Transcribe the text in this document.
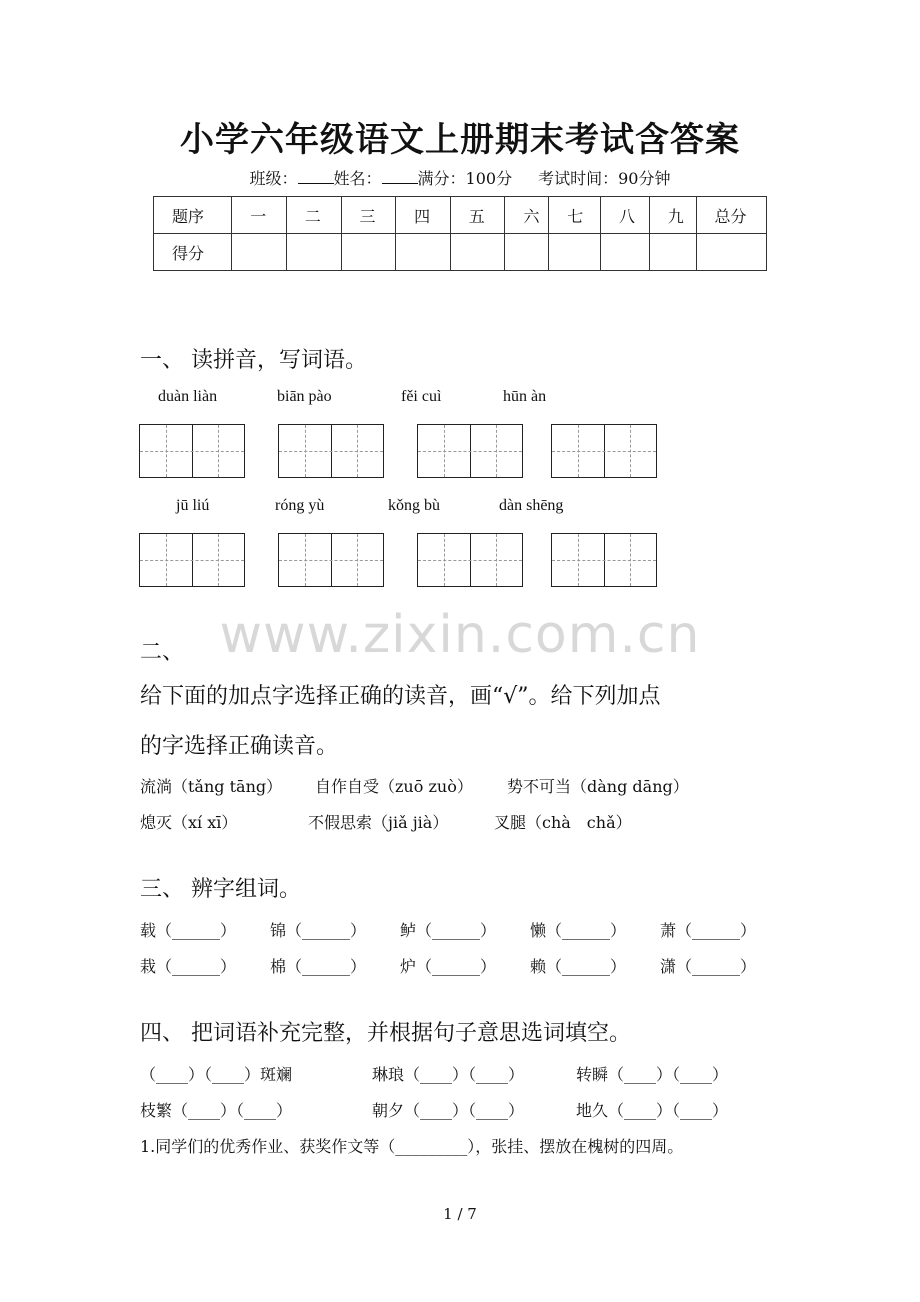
小学六年级语文上册期末考试含答案
班级： 姓名： 满分：100分 考试时间：90分钟
题序	一	二	三	四	五	六	七	八	九	总分
得分										
一、 读拼音，写词语。
duàn liàn	biān pào	fěi cuì	hūn àn
jū liú	róng yù	kǒng bù	dàn shēng
www.zixin.com.cn
二、
给下面的加点字选择正确的读音，画“√”。给下列加点
的字选择正确读音。
流淌（tǎng tāng） 自作自受（zuō zuò） 势不可当（dàng dāng）
熄灭（xí xī）	不假思索（jiǎ jià）	叉腿（chà　chǎ）
三、 辨字组词。
载（______） 锦（______） 鲈（______） 懒（______） 萧（______）
栽（______） 棉（______） 炉（______） 赖（______） 潇（______）
四、 把词语补充完整，并根据句子意思选词填空。
（____）（____）斑斓	琳琅（____）（____）	转瞬（____）（____）
枝繁（____）（____）	朝夕（____）（____）	地久（____）（____）
1.同学们的优秀作业、获奖作文等（_________），张挂、摆放在槐树的四周。
1 / 7
